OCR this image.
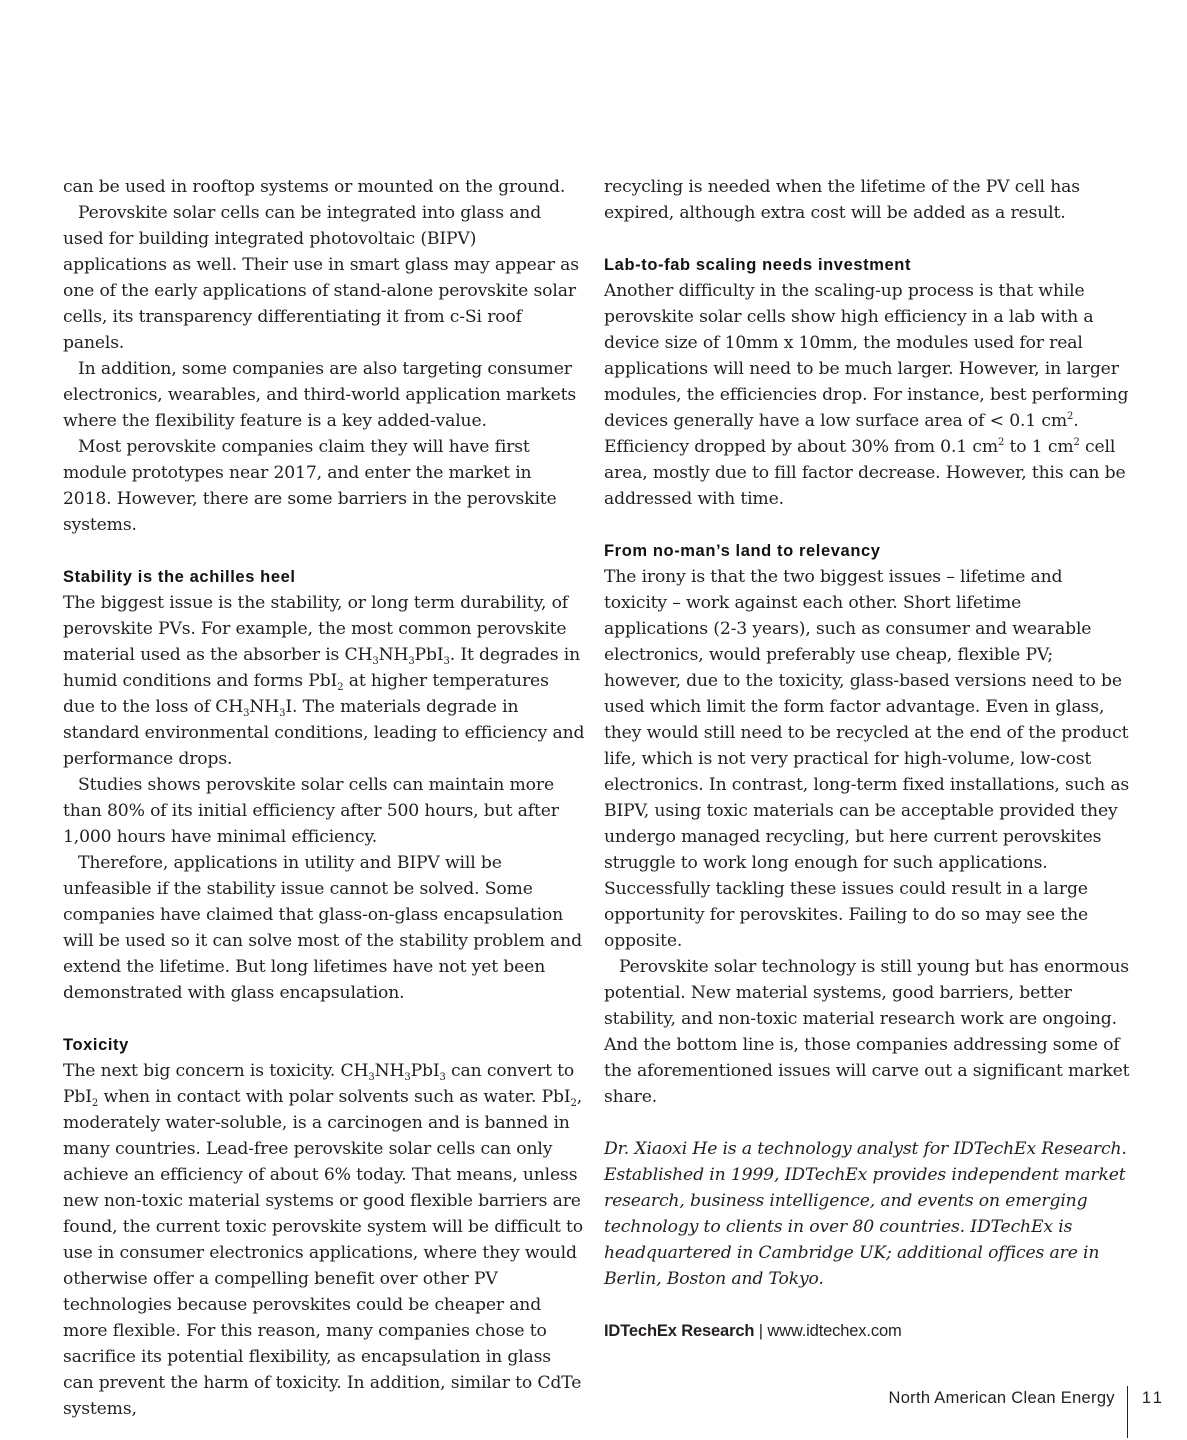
can be used in rooftop systems or mounted on the ground.

Perovskite solar cells can be integrated into glass and used for building integrated photovoltaic (BIPV) applications as well. Their use in smart glass may appear as one of the early applications of stand-alone perovskite solar cells, its transparency differentiating it from c-Si roof panels.

In addition, some companies are also targeting consumer electronics, wearables, and third-world application markets where the flexibility feature is a key added-value.

Most perovskite companies claim they will have first module prototypes near 2017, and enter the market in 2018. However, there are some barriers in the perovskite systems.

Stability is the achilles heel

The biggest issue is the stability, or long term durability, of perovskite PVs. For example, the most common perovskite material used as the absorber is $CH_3NH_3PbI_3$. It degrades in humid conditions and forms PbI$_2$ at higher temperatures due to the loss of $CH_3NH_3I$. The materials degrade in standard environmental conditions, leading to efficiency and performance drops.

Studies shows perovskite solar cells can maintain more than 80% of its initial efficiency after 500 hours, but after 1,000 hours have minimal efficiency.

Therefore, applications in utility and BIPV will be unfeasible if the stability issue cannot be solved. Some companies have claimed that glass-on-glass encapsulation will be used so it can solve most of the stability problem and extend the lifetime. But long lifetimes have not yet been demonstrated with glass encapsulation.

Toxicity

The next big concern is toxicity. $CH_3NH_3PbI_3$ can convert to PbI$_2$ when in contact with polar solvents such as water. PbI$_2$, moderately water-soluble, is a carcinogen and is banned in many countries. Lead-free perovskite solar cells can only achieve an efficiency of about 6% today. That means, unless new non-toxic material systems or good flexible barriers are found, the current toxic perovskite system will be difficult to use in consumer electronics applications, where they would otherwise offer a compelling benefit over other PV technologies because perovskites could be cheaper and more flexible. For this reason, many companies chose to sacrifice its potential flexibility, as encapsulation in glass can prevent the harm of toxicity. In addition, similar to CdTe systems,

recycling is needed when the lifetime of the PV cell has expired, although extra cost will be added as a result.

Lab-to-fab scaling needs investment

Another difficulty in the scaling-up process is that while perovskite solar cells show high efficiency in a lab with a device size of 10mm x 10mm, the modules used for real applications will need to be much larger. However, in larger modules, the efficiencies drop. For instance, best performing devices generally have a low surface area of < 0.1 $cm^2$. Efficiency dropped by about 30% from 0.1 $cm^2$ to 1 $cm^2$ cell area, mostly due to fill factor decrease. However, this can be addressed with time.

From no-man’s land to relevancy

The irony is that the two biggest issues – lifetime and toxicity – work against each other. Short lifetime applications (2-3 years), such as consumer and wearable electronics, would preferably use cheap, flexible PV; however, due to the toxicity, glass-based versions need to be used which limit the form factor advantage. Even in glass, they would still need to be recycled at the end of the product life, which is not very practical for high-volume, low-cost electronics. In contrast, long-term fixed installations, such as BIPV, using toxic materials can be acceptable provided they undergo managed recycling, but here current perovskites struggle to work long enough for such applications. Successfully tackling these issues could result in a large opportunity for perovskites. Failing to do so may see the opposite.

Perovskite solar technology is still young but has enormous potential. New material systems, good barriers, better stability, and non-toxic material research work are ongoing. And the bottom line is, those companies addressing some of the aforementioned issues will carve out a significant market share.

Dr. Xiaoxi He is a technology analyst for IDTechEx Research. Established in 1999, IDTechEx provides independent market research, business intelligence, and events on emerging technology to clients in over 80 countries. IDTechEx is headquartered in Cambridge UK; additional offices are in Berlin, Boston and Tokyo.

IDTechEx Research | www.idtechex.com

North American Clean Energy 11
